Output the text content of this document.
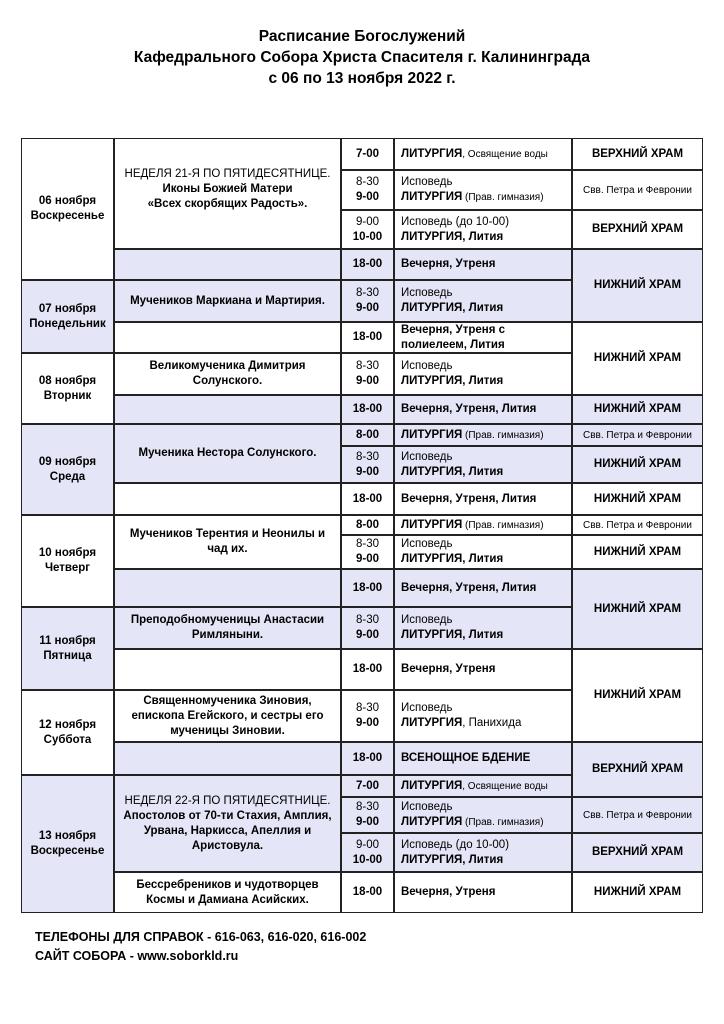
Расписание Богослужений
Кафедрального Собора Христа Спасителя г. Калининграда
с 06 по 13 ноября 2022 г.
06 ноября
Воскресенье
07 ноября
Понедельник
08 ноября
Вторник
09 ноября
Среда
10 ноября
Четверг
11 ноября
Пятница
12 ноября
Суббота
13 ноября
Воскресенье
НЕДЕЛЯ 21-Я ПО ПЯТИДЕСЯТНИЦЕ.
Иконы Божией Матери
«Всех скорбящих Радость».
Мучеников Маркиана и Мартирия.
Великомученика Димитрия Солунского.
Мученика Нестора Солунского.
Мучеников Терентия и Неонилы и чад их.
Преподобномученицы Анастасии Римляныни.
Священномученика Зиновия, епископа Егейского, и сестры его мученицы Зиновии.
НЕДЕЛЯ 22-Я ПО ПЯТИДЕСЯТНИЦЕ.
Апостолов от 70-ти Стахия, Амплия, Урвана, Наркисса, Апеллия и Аристовула.
Бессребреников и чудотворцев Космы и Дамиана Асийских.
7-00 ЛИТУРГИЯ, Освящение воды
8-30
9-00
Исповедь
ЛИТУРГИЯ (Прав. гимназия)
9-00
10-00
Исповедь (до 10-00)
ЛИТУРГИЯ, Лития
18-00 Вечерня, Утреня
8-30
9-00
Исповедь
ЛИТУРГИЯ, Лития
18-00
Вечерня, Утреня с
полиелеем, Лития
8-30
9-00
Исповедь
ЛИТУРГИЯ, Лития
18-00 Вечерня, Утреня, Лития
8-00 ЛИТУРГИЯ (Прав. гимназия)
8-30
9-00
Исповедь
ЛИТУРГИЯ, Лития
18-00 Вечерня, Утреня, Лития
8-00 ЛИТУРГИЯ (Прав. гимназия)
8-30
9-00
Исповедь
ЛИТУРГИЯ, Лития
18-00 Вечерня, Утреня, Лития
8-30
9-00
Исповедь
ЛИТУРГИЯ, Лития
18-00 Вечерня, Утреня
8-30
9-00
Исповедь
ЛИТУРГИЯ, Панихида
18-00 ВСЕНОЩНОЕ БДЕНИЕ
7-00 ЛИТУРГИЯ, Освящение воды
8-30
9-00
Исповедь
ЛИТУРГИЯ (Прав. гимназия)
9-00
10-00
Исповедь (до 10-00)
ЛИТУРГИЯ, Лития
18-00 Вечерня, Утреня
ВЕРХНИЙ ХРАМ
Свв. Петра и Февронии
ВЕРХНИЙ ХРАМ
НИЖНИЙ ХРАМ
НИЖНИЙ ХРАМ
НИЖНИЙ ХРАМ
Свв. Петра и Февронии
НИЖНИЙ ХРАМ
НИЖНИЙ ХРАМ
Свв. Петра и Февронии
НИЖНИЙ ХРАМ
НИЖНИЙ ХРАМ
НИЖНИЙ ХРАМ
ВЕРХНИЙ ХРАМ
Свв. Петра и Февронии
ВЕРХНИЙ ХРАМ
НИЖНИЙ ХРАМ
ТЕЛЕФОНЫ ДЛЯ СПРАВОК - 616-063, 616-020, 616-002
САЙТ СОБОРА - www.soborkld.ru
